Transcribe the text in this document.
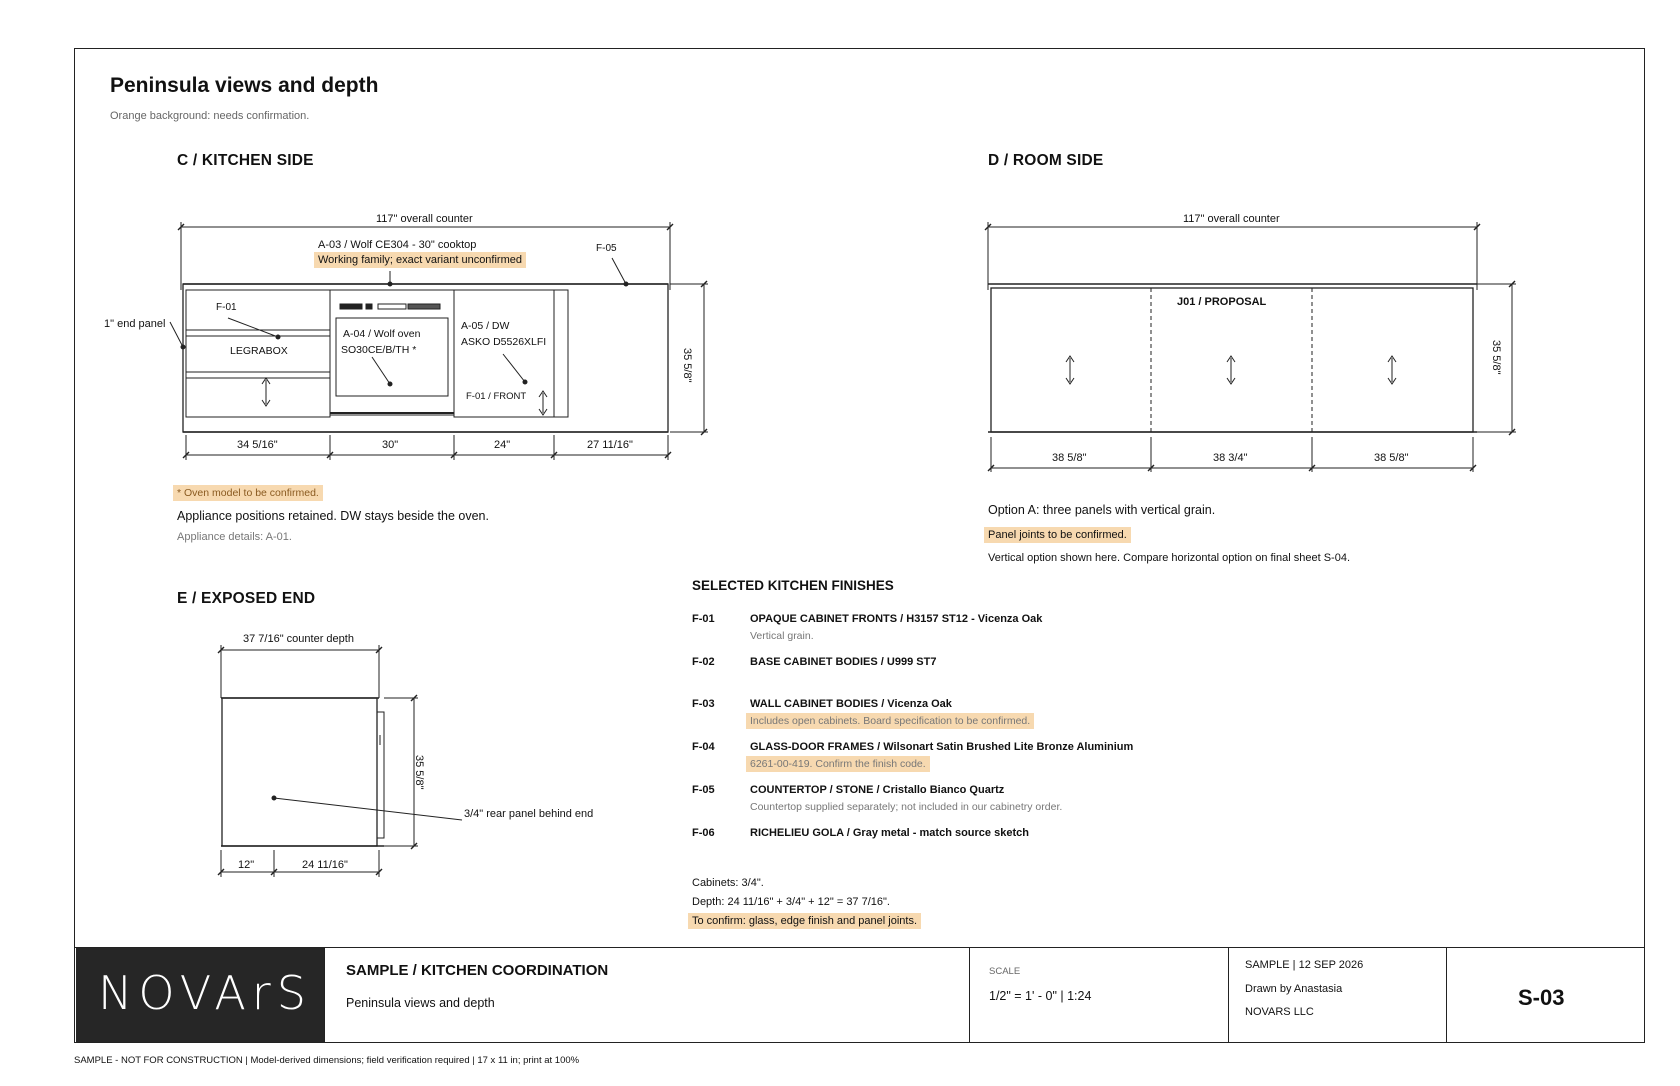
Peninsula views and depth
Orange background: needs confirmation.
C / KITCHEN SIDE
117" overall counter
A-03 / Wolf CE304 - 30" cooktop
Working family; exact variant unconfirmed
F-05
F-01
1" end panel
LEGRABOX
A-04 / Wolf oven
SO30CE/B/TH *
A-05 / DW
ASKO D5526XLFI
F-01 / FRONT
35 5/8"
34 5/16"	30"	24"	27 11/16"
* Oven model to be confirmed.
Appliance positions retained. DW stays beside the oven.
Appliance details: A-01.
D / ROOM SIDE
117" overall counter
J01 / PROPOSAL
35 5/8"
38 5/8"	38 3/4"	38 5/8"
Option A: three panels with vertical grain.
Panel joints to be confirmed.
Vertical option shown here. Compare horizontal option on final sheet S-04.
E / EXPOSED END
37 7/16" counter depth
35 5/8"
3/4" rear panel behind end
12"	24 11/16"
SELECTED KITCHEN FINISHES
F-01	OPAQUE CABINET FRONTS / H3157 ST12 - Vicenza Oak
Vertical grain.
F-02	BASE CABINET BODIES / U999 ST7
F-03	WALL CABINET BODIES / Vicenza Oak
Includes open cabinets. Board specification to be confirmed.
F-04	GLASS-DOOR FRAMES / Wilsonart Satin Brushed Lite Bronze Aluminium
6261-00-419. Confirm the finish code.
F-05	COUNTERTOP / STONE / Cristallo Bianco Quartz
Countertop supplied separately; not included in our cabinetry order.
F-06	RICHELIEU GOLA / Gray metal - match source sketch
Cabinets: 3/4".
Depth: 24 11/16" + 3/4" + 12" = 37 7/16".
To confirm: glass, edge finish and panel joints.
NOVArS SAMPLE / KITCHEN COORDINATION
Peninsula views and depth
SCALE
1/2" = 1' - 0" | 1:24
SAMPLE | 12 SEP 2026
Drawn by Anastasia
NOVARS LLC
S-03
SAMPLE - NOT FOR CONSTRUCTION | Model-derived dimensions; field verification required | 17 x 11 in; print at 100%
